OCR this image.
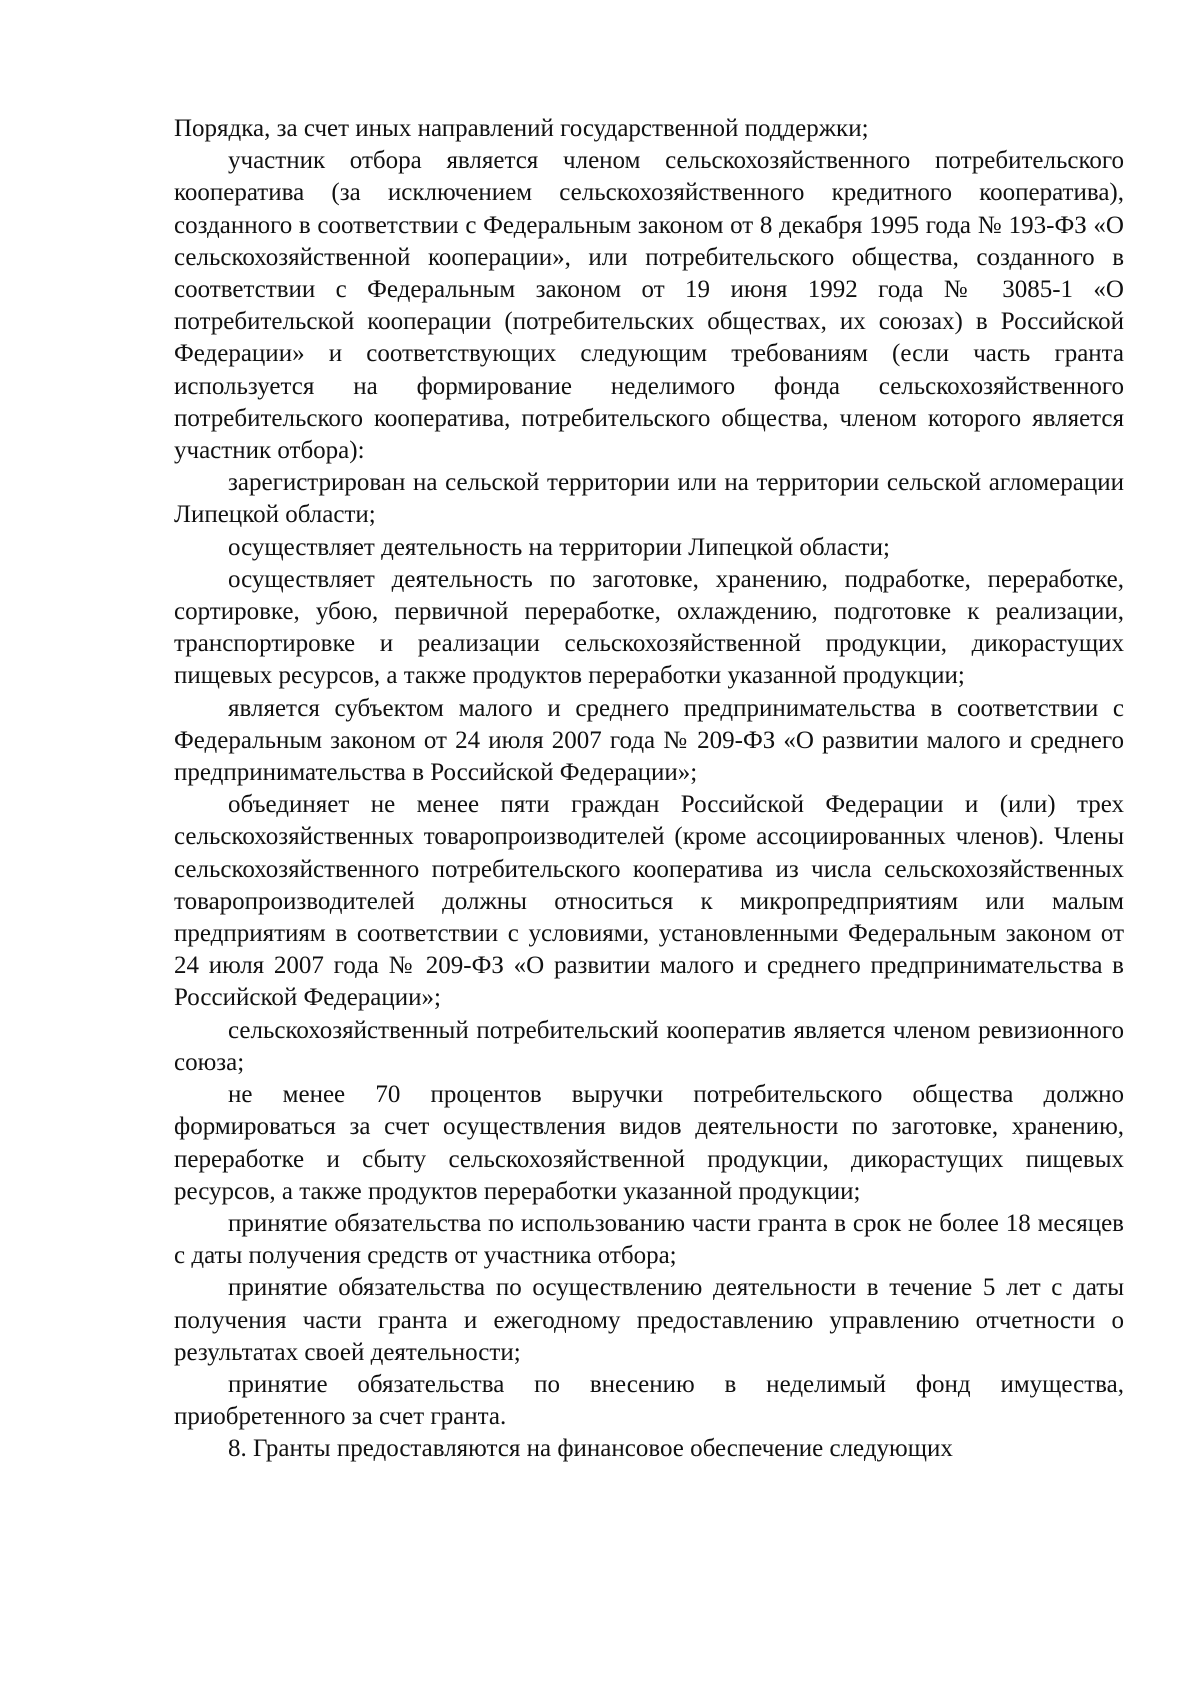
Порядка, за счет иных направлений государственной поддержки;

участник отбора является членом сельскохозяйственного потребительского кооператива (за исключением сельскохозяйственного кредитного кооператива), созданного в соответствии с Федеральным законом от 8 декабря 1995 года № 193-ФЗ «О сельскохозяйственной кооперации», или потребительского общества, созданного в соответствии с Федеральным законом от 19 июня 1992 года № 3085-1 «О потребительской кооперации (потребительских обществах, их союзах) в Российской Федерации» и соответствующих следующим требованиям (если часть гранта используется на формирование неделимого фонда сельскохозяйственного потребительского кооператива, потребительского общества, членом которого является участник отбора):

зарегистрирован на сельской территории или на территории сельской агломерации Липецкой области;

осуществляет деятельность на территории Липецкой области;

осуществляет деятельность по заготовке, хранению, подработке, переработке, сортировке, убою, первичной переработке, охлаждению, подготовке к реализации, транспортировке и реализации сельскохозяйственной продукции, дикорастущих пищевых ресурсов, а также продуктов переработки указанной продукции;

является субъектом малого и среднего предпринимательства в соответствии с Федеральным законом от 24 июля 2007 года № 209-ФЗ «О развитии малого и среднего предпринимательства в Российской Федерации»;

объединяет не менее пяти граждан Российской Федерации и (или) трех сельскохозяйственных товаропроизводителей (кроме ассоциированных членов). Члены сельскохозяйственного потребительского кооператива из числа сельскохозяйственных товаропроизводителей должны относиться к микропредприятиям или малым предприятиям в соответствии с условиями, установленными Федеральным законом от 24 июля 2007 года № 209-ФЗ «О развитии малого и среднего предпринимательства в Российской Федерации»;

сельскохозяйственный потребительский кооператив является членом ревизионного союза;

не менее 70 процентов выручки потребительского общества должно формироваться за счет осуществления видов деятельности по заготовке, хранению, переработке и сбыту сельскохозяйственной продукции, дикорастущих пищевых ресурсов, а также продуктов переработки указанной продукции;

принятие обязательства по использованию части гранта в срок не более 18 месяцев с даты получения средств от участника отбора;

принятие обязательства по осуществлению деятельности в течение 5 лет с даты получения части гранта и ежегодному предоставлению управлению отчетности о результатах своей деятельности;

принятие обязательства по внесению в неделимый фонд имущества, приобретенного за счет гранта.

8. Гранты предоставляются на финансовое обеспечение следующих
